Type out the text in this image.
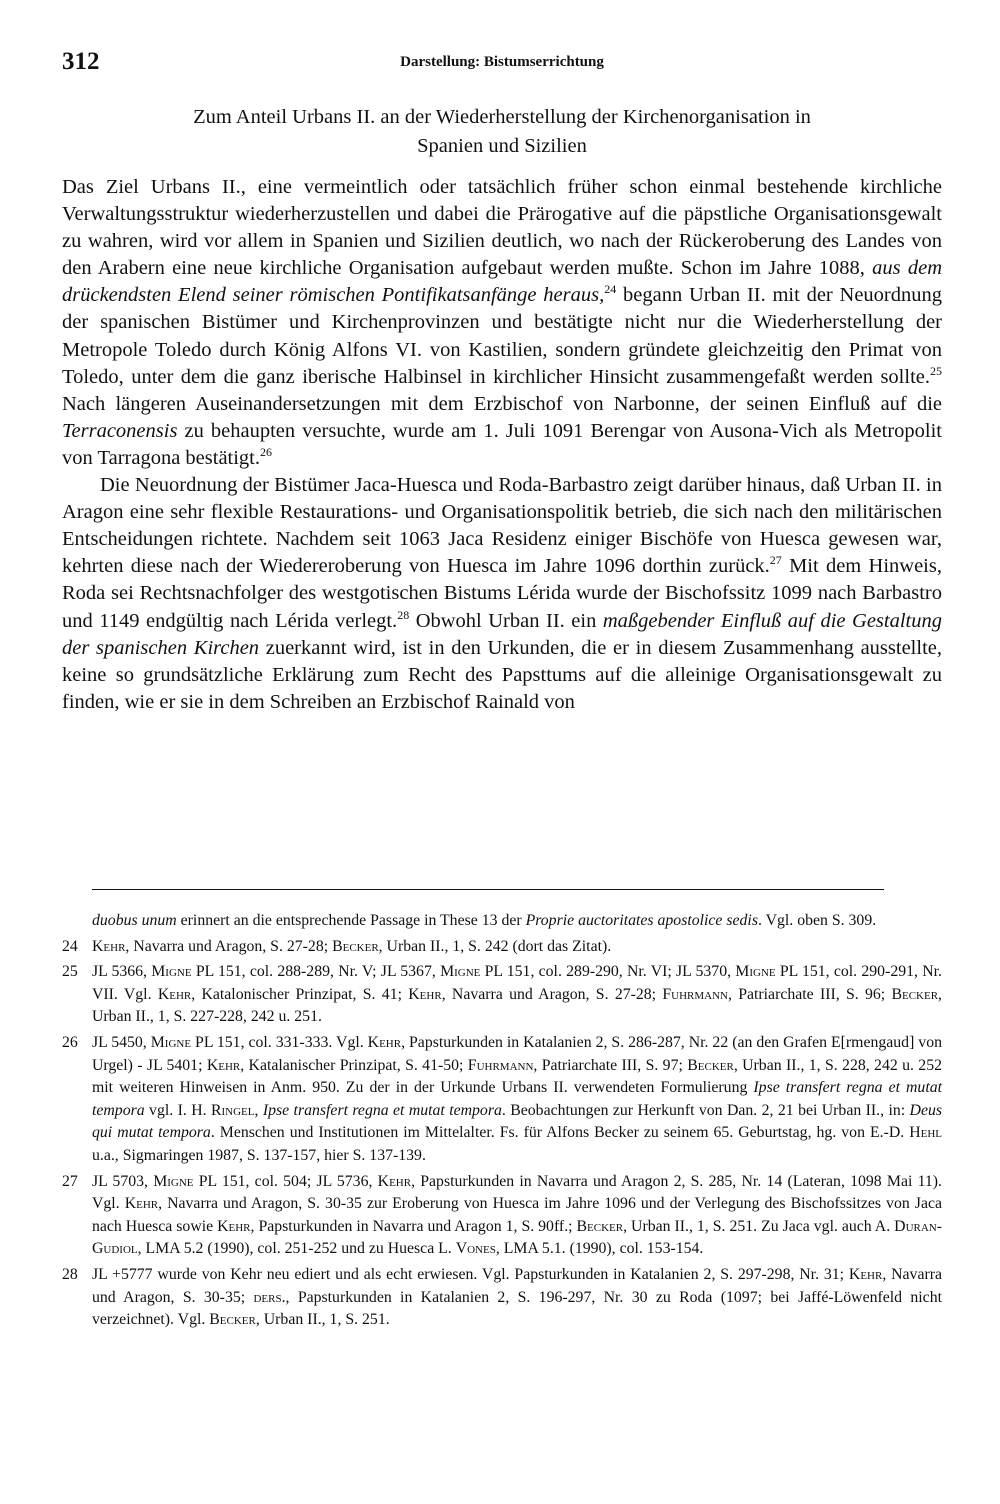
312	Darstellung: Bistumserrichtung
Zum Anteil Urbans II. an der Wiederherstellung der Kirchenorganisation in
Spanien und Sizilien

Das Ziel Urbans II., eine vermeintlich oder tatsächlich früher schon einmal bestehende kirchliche Verwaltungsstruktur wiederherzustellen und dabei die Prärogative auf die päpstliche Organisationsgewalt zu wahren, wird vor allem in Spanien und Sizilien deutlich, wo nach der Rückeroberung des Landes von den Arabern eine neue kirchliche Organisation aufgebaut werden mußte. Schon im Jahre 1088, aus dem drückendsten Elend seiner römischen Pontifikatsanfänge heraus,$^{24}$ begann Urban II. mit der Neuordnung der spanischen Bistümer und Kirchenprovinzen und bestätigte nicht nur die Wiederherstellung der Metropole Toledo durch König Alfons VI. von Kastilien, sondern gründete gleichzeitig den Primat von Toledo, unter dem die ganz iberische Halbinsel in kirchlicher Hinsicht zusammengefaßt werden sollte.$^{25}$ Nach längeren Auseinandersetzungen mit dem Erzbischof von Narbonne, der seinen Einfluß auf die Terraconensis zu behaupten versuchte, wurde am 1. Juli 1091 Berengar von Ausona-Vich als Metropolit von Tarragona bestätigt.$^{26}$

Die Neuordnung der Bistümer Jaca-Huesca und Roda-Barbastro zeigt darüber hinaus, daß Urban II. in Aragon eine sehr flexible Restaurations- und Organisationspolitik betrieb, die sich nach den militärischen Entscheidungen richtete. Nachdem seit 1063 Jaca Residenz einiger Bischöfe von Huesca gewesen war, kehrten diese nach der Wiedereroberung von Huesca im Jahre 1096 dorthin zurück.$^{27}$ Mit dem Hinweis, Roda sei Rechtsnachfolger des westgotischen Bistums Lérida wurde der Bischofssitz 1099 nach Barbastro und 1149 endgültig nach Lérida verlegt.$^{28}$ Obwohl Urban II. ein maßgebender Einfluß auf die Gestaltung der spanischen Kirchen zuerkannt wird, ist in den Urkunden, die er in diesem Zusammenhang ausstellte, keine so grundsätzliche Erklärung zum Recht des Papsttums auf die alleinige Organisationsgewalt zu finden, wie er sie in dem Schreiben an Erzbischof Rainald von

duobus unum erinnert an die entsprechende Passage in These 13 der Proprie auctoritates apostolice sedis. Vgl. oben S. 309.
24 Kehr, Navarra und Aragon, S. 27-28; Becker, Urban II., 1, S. 242 (dort das Zitat).
25 JL 5366, Migne PL 151, col. 288-289, Nr. V; JL 5367, Migne PL 151, col. 289-290, Nr. VI; JL 5370, Migne PL 151, col. 290-291, Nr. VII. Vgl. Kehr, Katalonischer Prinzipat, S. 41; Kehr, Navarra und Aragon, S. 27-28; Fuhrmann, Patriarchate III, S. 96; Becker, Urban II., 1, S. 227-228, 242 u. 251.
26 JL 5450, Migne PL 151, col. 331-333. Vgl. Kehr, Papsturkunden in Katalanien 2, S. 286-287, Nr. 22 (an den Grafen E[rmengaud] von Urgel) - JL 5401; Kehr, Katalanischer Prinzipat, S. 41-50; Fuhrmann, Patriarchate III, S. 97; Becker, Urban II., 1, S. 228, 242 u. 252 mit weiteren Hinweisen in Anm. 950. Zu der in der Urkunde Urbans II. verwendeten Formulierung Ipse transfert regna et mutat tempora vgl. I. H. Ringel, Ipse transfert regna et mutat tempora. Beobachtungen zur Herkunft von Dan. 2, 21 bei Urban II., in: Deus qui mutat tempora. Menschen und Institutionen im Mittelalter. Fs. für Alfons Becker zu seinem 65. Geburtstag, hg. von E.-D. Hehl u.a., Sigmaringen 1987, S. 137-157, hier S. 137-139.
27 JL 5703, Migne PL 151, col. 504; JL 5736, Kehr, Papsturkunden in Navarra und Aragon 2, S. 285, Nr. 14 (Lateran, 1098 Mai 11). Vgl. Kehr, Navarra und Aragon, S. 30-35 zur Eroberung von Huesca im Jahre 1096 und der Verlegung des Bischofssitzes von Jaca nach Huesca sowie Kehr, Papsturkunden in Navarra und Aragon 1, S. 90ff.; Becker, Urban II., 1, S. 251. Zu Jaca vgl. auch A. Duran-Gudiol, LMA 5.2 (1990), col. 251-252 und zu Huesca L. Vones, LMA 5.1. (1990), col. 153-154.
28 JL +5777 wurde von Kehr neu ediert und als echt erwiesen. Vgl. Papsturkunden in Katalanien 2, S. 297-298, Nr. 31; Kehr, Navarra und Aragon, S. 30-35; ders., Papsturkunden in Katalanien 2, S. 196-297, Nr. 30 zu Roda (1097; bei Jaffé-Löwenfeld nicht verzeichnet). Vgl. Becker, Urban II., 1, S. 251.
